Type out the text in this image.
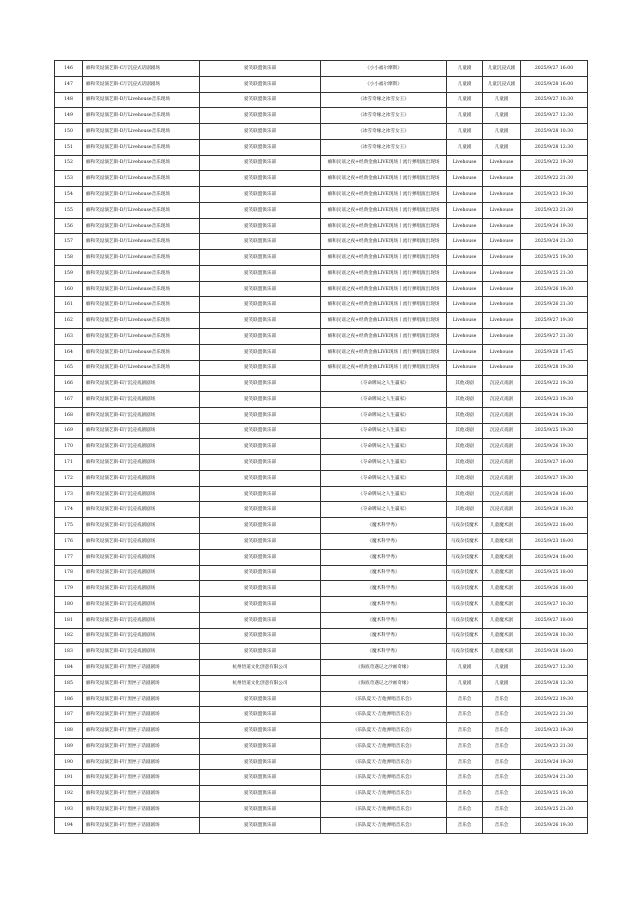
146	癖和笑逗演艺街-C厅沉浸式话剧剧场	爱笑联盟俱乐部	《小小福尔摩斯》	儿童剧	儿童沉浸式剧	2025/9/27 16:00
147	癖和笑逗演艺街-C厅沉浸式话剧剧场	爱笑联盟俱乐部	《小小福尔摩斯》	儿童剧	儿童沉浸式剧	2025/9/28 16:00
148	癖和笑逗演艺街-D厅Livehouse音乐现场	爱笑联盟俱乐部	《冰雪奇缘之冰雪女王》	儿童剧	儿童剧	2025/9/27 10:30
149	癖和笑逗演艺街-D厅Livehouse音乐现场	爱笑联盟俱乐部	《冰雪奇缘之冰雪女王》	儿童剧	儿童剧	2025/9/27 12:30
150	癖和笑逗演艺街-D厅Livehouse音乐现场	爱笑联盟俱乐部	《冰雪奇缘之冰雪女王》	儿童剧	儿童剧	2025/9/28 10:30
151	癖和笑逗演艺街-D厅Livehouse音乐现场	爱笑联盟俱乐部	《冰雪奇缘之冰雪女王》	儿童剧	儿童剧	2025/9/28 12:30
152	癖和笑逗演艺街-D厅Livehouse音乐现场	爱笑联盟俱乐部	癖和民谣之夜+经典金曲LIVE现场丨流行弹唱演出现场	Livehouse	Livehouse	2025/9/22 19:30
153	癖和笑逗演艺街-D厅Livehouse音乐现场	爱笑联盟俱乐部	癖和民谣之夜+经典金曲LIVE现场丨流行弹唱演出现场	Livehouse	Livehouse	2025/9/22 21:30
154	癖和笑逗演艺街-D厅Livehouse音乐现场	爱笑联盟俱乐部	癖和民谣之夜+经典金曲LIVE现场丨流行弹唱演出现场	Livehouse	Livehouse	2025/9/23 19:30
155	癖和笑逗演艺街-D厅Livehouse音乐现场	爱笑联盟俱乐部	癖和民谣之夜+经典金曲LIVE现场丨流行弹唱演出现场	Livehouse	Livehouse	2025/9/23 21:30
156	癖和笑逗演艺街-D厅Livehouse音乐现场	爱笑联盟俱乐部	癖和民谣之夜+经典金曲LIVE现场丨流行弹唱演出现场	Livehouse	Livehouse	2025/9/24 19:30
157	癖和笑逗演艺街-D厅Livehouse音乐现场	爱笑联盟俱乐部	癖和民谣之夜+经典金曲LIVE现场丨流行弹唱演出现场	Livehouse	Livehouse	2025/9/24 21:30
158	癖和笑逗演艺街-D厅Livehouse音乐现场	爱笑联盟俱乐部	癖和民谣之夜+经典金曲LIVE现场丨流行弹唱演出现场	Livehouse	Livehouse	2025/9/25 19:30
159	癖和笑逗演艺街-D厅Livehouse音乐现场	爱笑联盟俱乐部	癖和民谣之夜+经典金曲LIVE现场丨流行弹唱演出现场	Livehouse	Livehouse	2025/9/25 21:30
160	癖和笑逗演艺街-D厅Livehouse音乐现场	爱笑联盟俱乐部	癖和民谣之夜+经典金曲LIVE现场丨流行弹唱演出现场	Livehouse	Livehouse	2025/9/26 19:30
161	癖和笑逗演艺街-D厅Livehouse音乐现场	爱笑联盟俱乐部	癖和民谣之夜+经典金曲LIVE现场丨流行弹唱演出现场	Livehouse	Livehouse	2025/9/26 21:30
162	癖和笑逗演艺街-D厅Livehouse音乐现场	爱笑联盟俱乐部	癖和民谣之夜+经典金曲LIVE现场丨流行弹唱演出现场	Livehouse	Livehouse	2025/9/27 19:30
163	癖和笑逗演艺街-D厅Livehouse音乐现场	爱笑联盟俱乐部	癖和民谣之夜+经典金曲LIVE现场丨流行弹唱演出现场	Livehouse	Livehouse	2025/9/27 21:30
164	癖和笑逗演艺街-D厅Livehouse音乐现场	爱笑联盟俱乐部	癖和民谣之夜+经典金曲LIVE现场丨流行弹唱演出现场	Livehouse	Livehouse	2025/9/28 17:45
165	癖和笑逗演艺街-D厅Livehouse音乐现场	爱笑联盟俱乐部	癖和民谣之夜+经典金曲LIVE现场丨流行弹唱演出现场	Livehouse	Livehouse	2025/9/28 19:30
166	癖和笑逗演艺街-E厅沉浸戏剧剧场	爱笑联盟俱乐部	《夺命牌局之人生赢家》	其他戏剧	沉浸式戏剧	2025/9/22 19:30
167	癖和笑逗演艺街-E厅沉浸戏剧剧场	爱笑联盟俱乐部	《夺命牌局之人生赢家》	其他戏剧	沉浸式戏剧	2025/9/23 19:30
168	癖和笑逗演艺街-E厅沉浸戏剧剧场	爱笑联盟俱乐部	《夺命牌局之人生赢家》	其他戏剧	沉浸式戏剧	2025/9/24 19:30
169	癖和笑逗演艺街-E厅沉浸戏剧剧场	爱笑联盟俱乐部	《夺命牌局之人生赢家》	其他戏剧	沉浸式戏剧	2025/9/25 19:30
170	癖和笑逗演艺街-E厅沉浸戏剧剧场	爱笑联盟俱乐部	《夺命牌局之人生赢家》	其他戏剧	沉浸式戏剧	2025/9/26 19:30
171	癖和笑逗演艺街-E厅沉浸戏剧剧场	爱笑联盟俱乐部	《夺命牌局之人生赢家》	其他戏剧	沉浸式戏剧	2025/9/27 16:00
172	癖和笑逗演艺街-E厅沉浸戏剧剧场	爱笑联盟俱乐部	《夺命牌局之人生赢家》	其他戏剧	沉浸式戏剧	2025/9/27 19:30
173	癖和笑逗演艺街-E厅沉浸戏剧剧场	爱笑联盟俱乐部	《夺命牌局之人生赢家》	其他戏剧	沉浸式戏剧	2025/9/28 16:00
174	癖和笑逗演艺街-E厅沉浸戏剧剧场	爱笑联盟俱乐部	《夺命牌局之人生赢家》	其他戏剧	沉浸式戏剧	2025/9/28 19:30
175	癖和笑逗演艺街-E厅沉浸戏剧剧场	爱笑联盟俱乐部	《魔术科学秀》	马戏杂技魔术	儿童魔术剧	2025/9/22 18:00
176	癖和笑逗演艺街-E厅沉浸戏剧剧场	爱笑联盟俱乐部	《魔术科学秀》	马戏杂技魔术	儿童魔术剧	2025/9/23 18:00
177	癖和笑逗演艺街-E厅沉浸戏剧剧场	爱笑联盟俱乐部	《魔术科学秀》	马戏杂技魔术	儿童魔术剧	2025/9/24 18:00
178	癖和笑逗演艺街-E厅沉浸戏剧剧场	爱笑联盟俱乐部	《魔术科学秀》	马戏杂技魔术	儿童魔术剧	2025/9/25 18:00
179	癖和笑逗演艺街-E厅沉浸戏剧剧场	爱笑联盟俱乐部	《魔术科学秀》	马戏杂技魔术	儿童魔术剧	2025/9/26 18:00
180	癖和笑逗演艺街-E厅沉浸戏剧剧场	爱笑联盟俱乐部	《魔术科学秀》	马戏杂技魔术	儿童魔术剧	2025/9/27 10:30
181	癖和笑逗演艺街-E厅沉浸戏剧剧场	爱笑联盟俱乐部	《魔术科学秀》	马戏杂技魔术	儿童魔术剧	2025/9/27 18:00
182	癖和笑逗演艺街-E厅沉浸戏剧剧场	爱笑联盟俱乐部	《魔术科学秀》	马戏杂技魔术	儿童魔术剧	2025/9/28 10:30
183	癖和笑逗演艺街-E厅沉浸戏剧剧场	爱笑联盟俱乐部	《魔术科学秀》	马戏杂技魔术	儿童魔术剧	2025/9/28 18:00
184	癖和笑逗演艺街-F厅黑匣子话剧剧场	杭州悟道文化创意有限公司	《海底奇遇记之沙画奇缘》	儿童剧	儿童剧	2025/9/27 12:30
185	癖和笑逗演艺街-F厅黑匣子话剧剧场	杭州悟道文化创意有限公司	《海底奇遇记之沙画奇缘》	儿童剧	儿童剧	2025/9/28 12:30
186	癖和笑逗演艺街-F厅黑匣子话剧剧场	爱笑联盟俱乐部	《乐队夏天-吉他弹唱音乐会》	音乐会	音乐会	2025/9/22 19:30
187	癖和笑逗演艺街-F厅黑匣子话剧剧场	爱笑联盟俱乐部	《乐队夏天-吉他弹唱音乐会》	音乐会	音乐会	2025/9/22 21:30
188	癖和笑逗演艺街-F厅黑匣子话剧剧场	爱笑联盟俱乐部	《乐队夏天-吉他弹唱音乐会》	音乐会	音乐会	2025/9/23 19:30
189	癖和笑逗演艺街-F厅黑匣子话剧剧场	爱笑联盟俱乐部	《乐队夏天-吉他弹唱音乐会》	音乐会	音乐会	2025/9/23 21:30
190	癖和笑逗演艺街-F厅黑匣子话剧剧场	爱笑联盟俱乐部	《乐队夏天-吉他弹唱音乐会》	音乐会	音乐会	2025/9/24 19:30
191	癖和笑逗演艺街-F厅黑匣子话剧剧场	爱笑联盟俱乐部	《乐队夏天-吉他弹唱音乐会》	音乐会	音乐会	2025/9/24 21:30
192	癖和笑逗演艺街-F厅黑匣子话剧剧场	爱笑联盟俱乐部	《乐队夏天-吉他弹唱音乐会》	音乐会	音乐会	2025/9/25 19:30
193	癖和笑逗演艺街-F厅黑匣子话剧剧场	爱笑联盟俱乐部	《乐队夏天-吉他弹唱音乐会》	音乐会	音乐会	2025/9/25 21:30
194	癖和笑逗演艺街-F厅黑匣子话剧剧场	爱笑联盟俱乐部	《乐队夏天-吉他弹唱音乐会》	音乐会	音乐会	2025/9/26 19:30
